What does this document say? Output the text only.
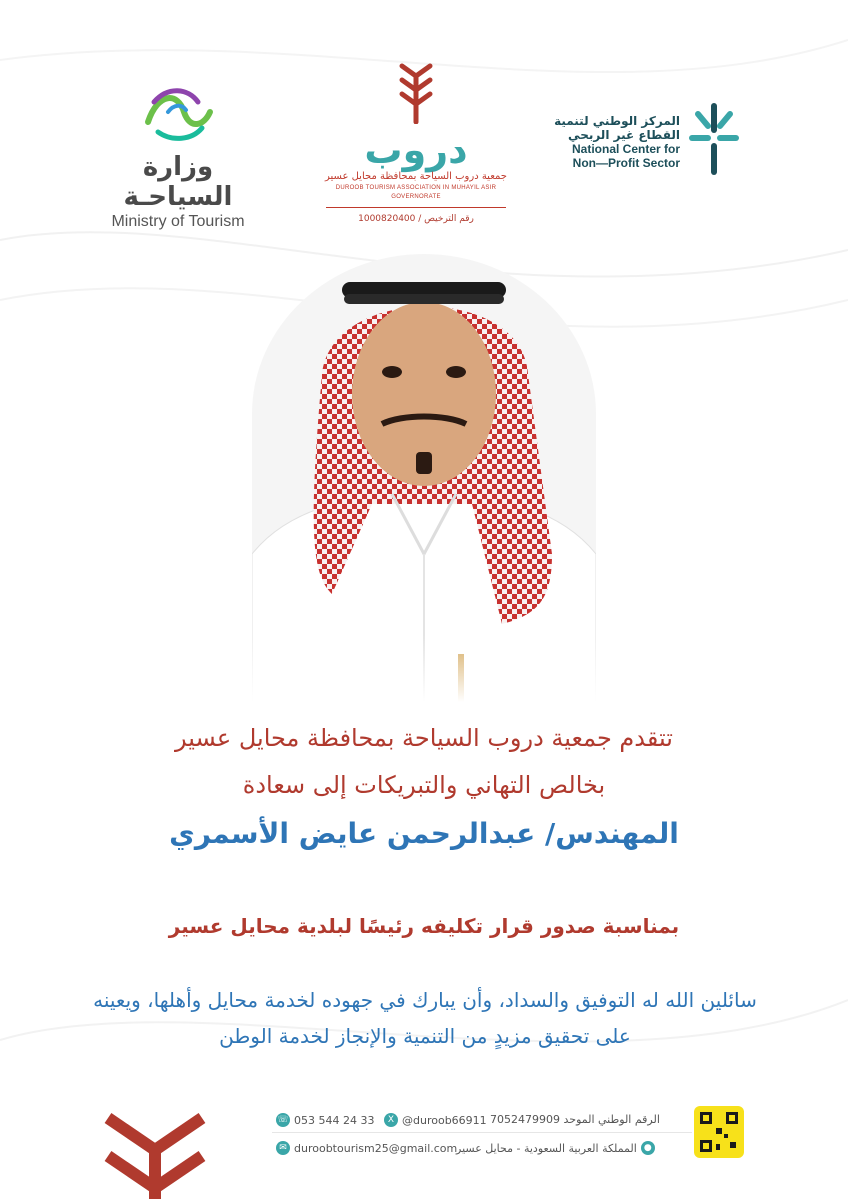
وزارة السياحـة
Ministry of Tourism
دروب
جمعية دروب السياحة بمحافظة محايل عسير
DUROOB TOURISM ASSOCIATION IN MUHAYIL ASIR GOVERNORATE
رقم الترخيص / 1000820400
المركز الوطني لتنمية
القطاع غير الربحي
National Center for
Non—Profit Sector
تتقدم جمعية دروب السياحة بمحافظة محايل عسير
بخالص التهاني والتبريكات إلى سعادة
المهندس/ عبدالرحمن عايض الأسمري
بمناسبة صدور قرار تكليفه رئيسًا لبلدية محايل عسير
سائلين الله له التوفيق والسداد، وأن يبارك في جهوده لخدمة محايل وأهلها، ويعينه على تحقيق مزيدٍ من التنمية والإنجاز لخدمة الوطن
☏ 053 544 24 33	X @duroob66911 الرقم الوطني الموحد 7052479909
✉ duroobtourism25@gmail.com	●
المملكة العربية السعودية - محايل عسير
